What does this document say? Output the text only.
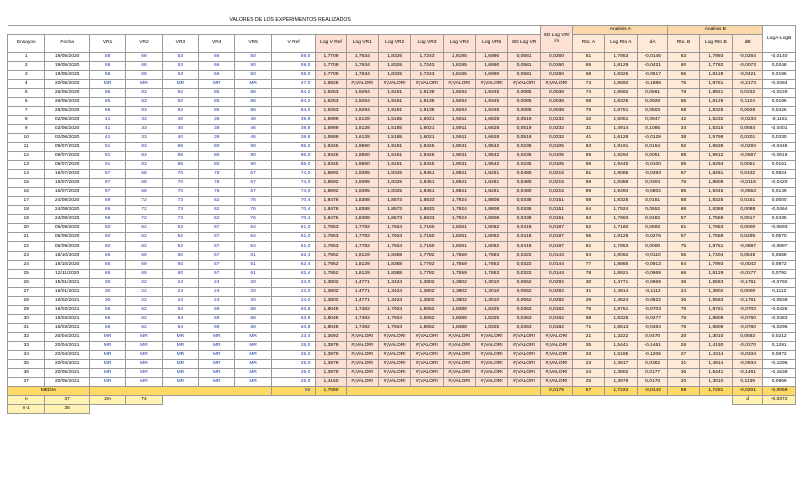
VALORES DE LOS EXPERIMENTOS REALIZADOS																						
															SD Log VR/√n	Analisis A			Analisis B			LogA-LogB
Ensayos	Fecha	VR1	VR2	VR3	VR4	VR5	V Ref	Log V Ref	Log VR1	Log VR2	Log VR3	Log VR4	Log VR5	SD Log VR		Rto. A	Log Rto A	dA	Rto. B	Log Rto B	dB	
1	19/05/2020	58	68	53	66	50	59,0	1,7709	1,7634	1,8325	1,7243	1,8195	1,6990	0,0581	0,0260	61	1,7853	-0,0145	63	1,7993	-0,0284	-0,0140
2	19/05/2020	58	68	53	66	50	59,0	1,7709	1,7634	1,8325	1,7243	1,8195	1,6990	0,0581	0,0260	65	1,8129	-0,0421	60	1,7782	-0,0073	0,0348
3	19/05/2020	58	68	53	66	50	59,0	1,7709	1,7634	1,8325	1,7243	1,8195	1,6990	0,0581	0,0260	68	1,8325	-0,0617	65	1,8129	-0,0421	0,0196
4	20/05/2020	MR	MR	MR	MR	MR	47,0	1,6828	#¡VALOR!	#¡VALOR!	#¡VALOR!	#¡VALOR!	#¡VALOR!	#¡VALOR!	#¡VALOR!	74	1,8692	-0,1889	75	1,8751	-0,2173	-0,0284
5	26/05/2020	85	83	82	85	86	84,2	1,9253	1,9294	1,9191	1,9138	1,9294	1,9345	0,0085	0,0038	74	1,8692	0,0561	78	1,8921	0,0332	-0,0229
6	26/05/2020	85	83	82	85	86	84,2	1,9253	1,9294	1,9191	1,9138	1,9294	1,9345	0,0085	0,0038	68	1,8325	0,0928	65	1,8129	0,1124	0,0196
7	26/05/2020	85	83	82	85	86	84,2	1,9253	1,9294	1,9191	1,9138	1,9294	1,9345	0,0085	0,0038	75	1,8751	0,0503	68	1,8325	0,0928	0,0426
8	02/06/2020	41	33	40	39	46	39,8	1,5999	1,6128	1,5185	1,6021	1,5911	1,6628	0,0519	0,0232	32	1,5051	0,0947	42	1,6232	-0,0234	-0,1181
9	02/06/2020	41	33	40	39	46	39,8	1,5999	1,6128	1,5185	1,6021	1,5911	1,6628	0,0519	0,0232	31	1,4914	0,1085	34	1,5315	0,0684	-0,0401
10	02/06/2020	41	33	40	39	46	39,8	1,5999	1,6128	1,5185	1,6021	1,5911	1,6628	0,0519	0,0232	41	1,6128	-0,0129	38	1,5798	0,0201	0,0330
11	09/07/2020	91	83	86	80	90	86,0	1,9345	1,9590	1,9191	1,9345	1,9031	1,9542	0,0235	0,0105	83	1,9191	0,0154	92	1,9638	-0,0293	-0,0448
12	09/07/2020	91	83	86	80	90	86,0	1,9345	1,9590	1,9191	1,9345	1,9031	1,9542	0,0235	0,0105	85	1,9294	0,0051	98	1,9912	-0,0567	-0,0618
13	09/07/2020	91	83	86	80	90	86,0	1,9345	1,9590	1,9191	1,9345	1,9031	1,9542	0,0235	0,0105	88	1,9445	-0,0100	85	1,9294	0,0051	0,0151
14	16/07/2020	87	68	70	78	67	74,0	1,8692	1,9395	1,8325	1,8451	1,8921	1,8261	0,0480	0,0215	81	1,9085	-0,0393	67	1,8261	0,0432	0,0824
15	16/07/2020	87	68	70	78	67	74,0	1,8692	1,9395	1,8325	1,8451	1,8921	1,8261	0,0480	0,0215	69	1,8388	0,0304	76	1,8808	-0,0116	-0,0420
16	16/07/2020	87	68	70	78	67	74,0	1,8692	1,9395	1,8325	1,8451	1,8921	1,8261	0,0480	0,0215	89	1,9494	-0,0802	86	1,9345	-0,0653	0,0149
17	24/08/2020	69	72	73	62	76	70,4	1,8476	1,8388	1,8573	1,8633	1,7924	1,8808	0,0338	0,0151	68	1,8325	0,0151	68	1,8325	0,0151	0,0000
18	24/08/2020	69	72	73	62	76	70,4	1,8476	1,8388	1,8573	1,8633	1,7924	1,8808	0,0338	0,0151	64	1,7924	0,0552	69	1,8388	0,0088	-0,0464
19	24/08/2020	69	72	73	62	76	70,4	1,8476	1,8388	1,8573	1,8633	1,7924	1,8808	0,0338	0,0151	63	1,7993	0,0482	57	1,7559	0,0917	0,0435
20	05/09/2020	60	62	52	67	64	61,0	1,7853	1,7782	1,7924	1,7160	1,8261	1,8062	0,0418	0,0187	52	1,7160	0,0693	61	1,7853	0,0000	-0,0693
21	05/09/2020	60	62	52	67	64	61,0	1,7853	1,7782	1,7924	1,7160	1,8261	1,8062	0,0418	0,0187	65	1,8129	-0,0276	57	1,7559	0,0295	0,0570
22	05/09/2020	60	62	52	67	64	61,0	1,7853	1,7782	1,7924	1,7160	1,8261	1,8062	0,0418	0,0187	61	1,7853	0,0000	75	1,8751	-0,0897	-0,0897
23	18/10/2020	65	69	60	57	61	62,4	1,7952	1,8129	1,8388	1,7782	1,7559	1,7853	0,0322	0,0144	64	1,8062	-0,0110	55	1,7404	0,0548	0,0658
24	18/10/2020	65	69	60	57	61	62,4	1,7952	1,8129	1,8388	1,7782	1,7559	1,7853	0,0322	0,0144	77	1,8865	-0,0913	64	1,7993	-0,0042	0,0872
25	12/11/2020	65	69	60	57	61	62,4	1,7952	1,8129	1,8388	1,7782	1,7559	1,7853	0,0322	0,0144	78	1,8921	-0,0969	65	1,8129	-0,0177	0,0792
26	15/01/2021	30	22	24	24	20	24,0	1,3802	1,4771	1,3424	1,3802	1,3802	1,3010	0,0652	0,0292	30	1,4771	-0,0969	36	1,5563	-0,1761	-0,0792
27	15/01/2021	30	22	24	24	20	24,0	1,3802	1,4771	1,3424	1,3802	1,3802	1,3010	0,0652	0,0292	31	1,4914	-0,1112	24	1,3802	0,0000	0,1112
28	18/02/2021	30	22	24	24	20	24,0	1,3802	1,4771	1,3424	1,3802	1,3802	1,3010	0,0652	0,0292	29	1,4624	-0,0822	36	1,5563	-0,1761	-0,0939
29	16/03/2021	56	62	64	69	68	63,8	1,8048	1,7482	1,7924	1,8062	1,8388	1,8325	0,0363	0,0162	75	1,8751	-0,0703	75	1,8751	-0,0703	-0,0426
30	16/03/2021	56	62	64	69	68	63,8	1,8048	1,7482	1,7924	1,8062	1,8388	1,8325	0,0363	0,0162	68	1,8325	-0,0277	76	1,8808	-0,0760	-0,0483
31	16/03/2021	56	62	64	69	68	63,8	1,8048	1,7482	1,7924	1,8062	1,8388	1,8325	0,0363	0,0162	71	1,8513	-0,0464	76	1,8808	-0,0760	-0,0296
32	20/04/2021	MR	MR	MR	MR	MR	23,4	1,3692	#¡VALOR!	#¡VALOR!	#¡VALOR!	#¡VALOR!	#¡VALOR!	#¡VALOR!	#¡VALOR!	21	1,3222	0,0470	20	1,3010	0,0682	0,0212
33	20/04/2021	MR	MR	MR	MR	MR	25,0	1,3979	#¡VALOR!	#¡VALOR!	#¡VALOR!	#¡VALOR!	#¡VALOR!	#¡VALOR!	#¡VALOR!	35	1,5441	-0,1461	26	1,4150	-0,0170	0,1291
34	20/04/2021	MR	MR	MR	MR	MR	25,0	1,3979	#¡VALOR!	#¡VALOR!	#¡VALOR!	#¡VALOR!	#¡VALOR!	#¡VALOR!	#¡VALOR!	33	1,5185	-0,1206	27	1,4314	-0,0334	0,0872
35	20/04/2021	MR	MR	MR	MR	MR	25,0	1,3979	#¡VALOR!	#¡VALOR!	#¡VALOR!	#¡VALOR!	#¡VALOR!	#¡VALOR!	#¡VALOR!	23	1,3617	0,0362	31	1,4914	-0,0934	-0,1296
36	20/05/2021	MR	MR	MR	MR	MR	25,0	1,3979	#¡VALOR!	#¡VALOR!	#¡VALOR!	#¡VALOR!	#¡VALOR!	#¡VALOR!	#¡VALOR!	24	1,3802	0,0177	35	1,5441	-0,1461	-0,1639
37	20/05/2021	MR	MR	MR	MR	MR	26,0	1,4150	#¡VALOR!	#¡VALOR!	#¡VALOR!	#¡VALOR!	#¡VALOR!	#¡VALOR!	#¡VALOR!	25	1,3979	0,0170	20	1,3010	0,1139	0,0969
MEDIA							56	1,7080							0,0179	57	1,7222	-0,0142	58	1,7281	-0,0201	-0,0059
n	37	2m	74																		d	-0,0372
n-1	36																					
